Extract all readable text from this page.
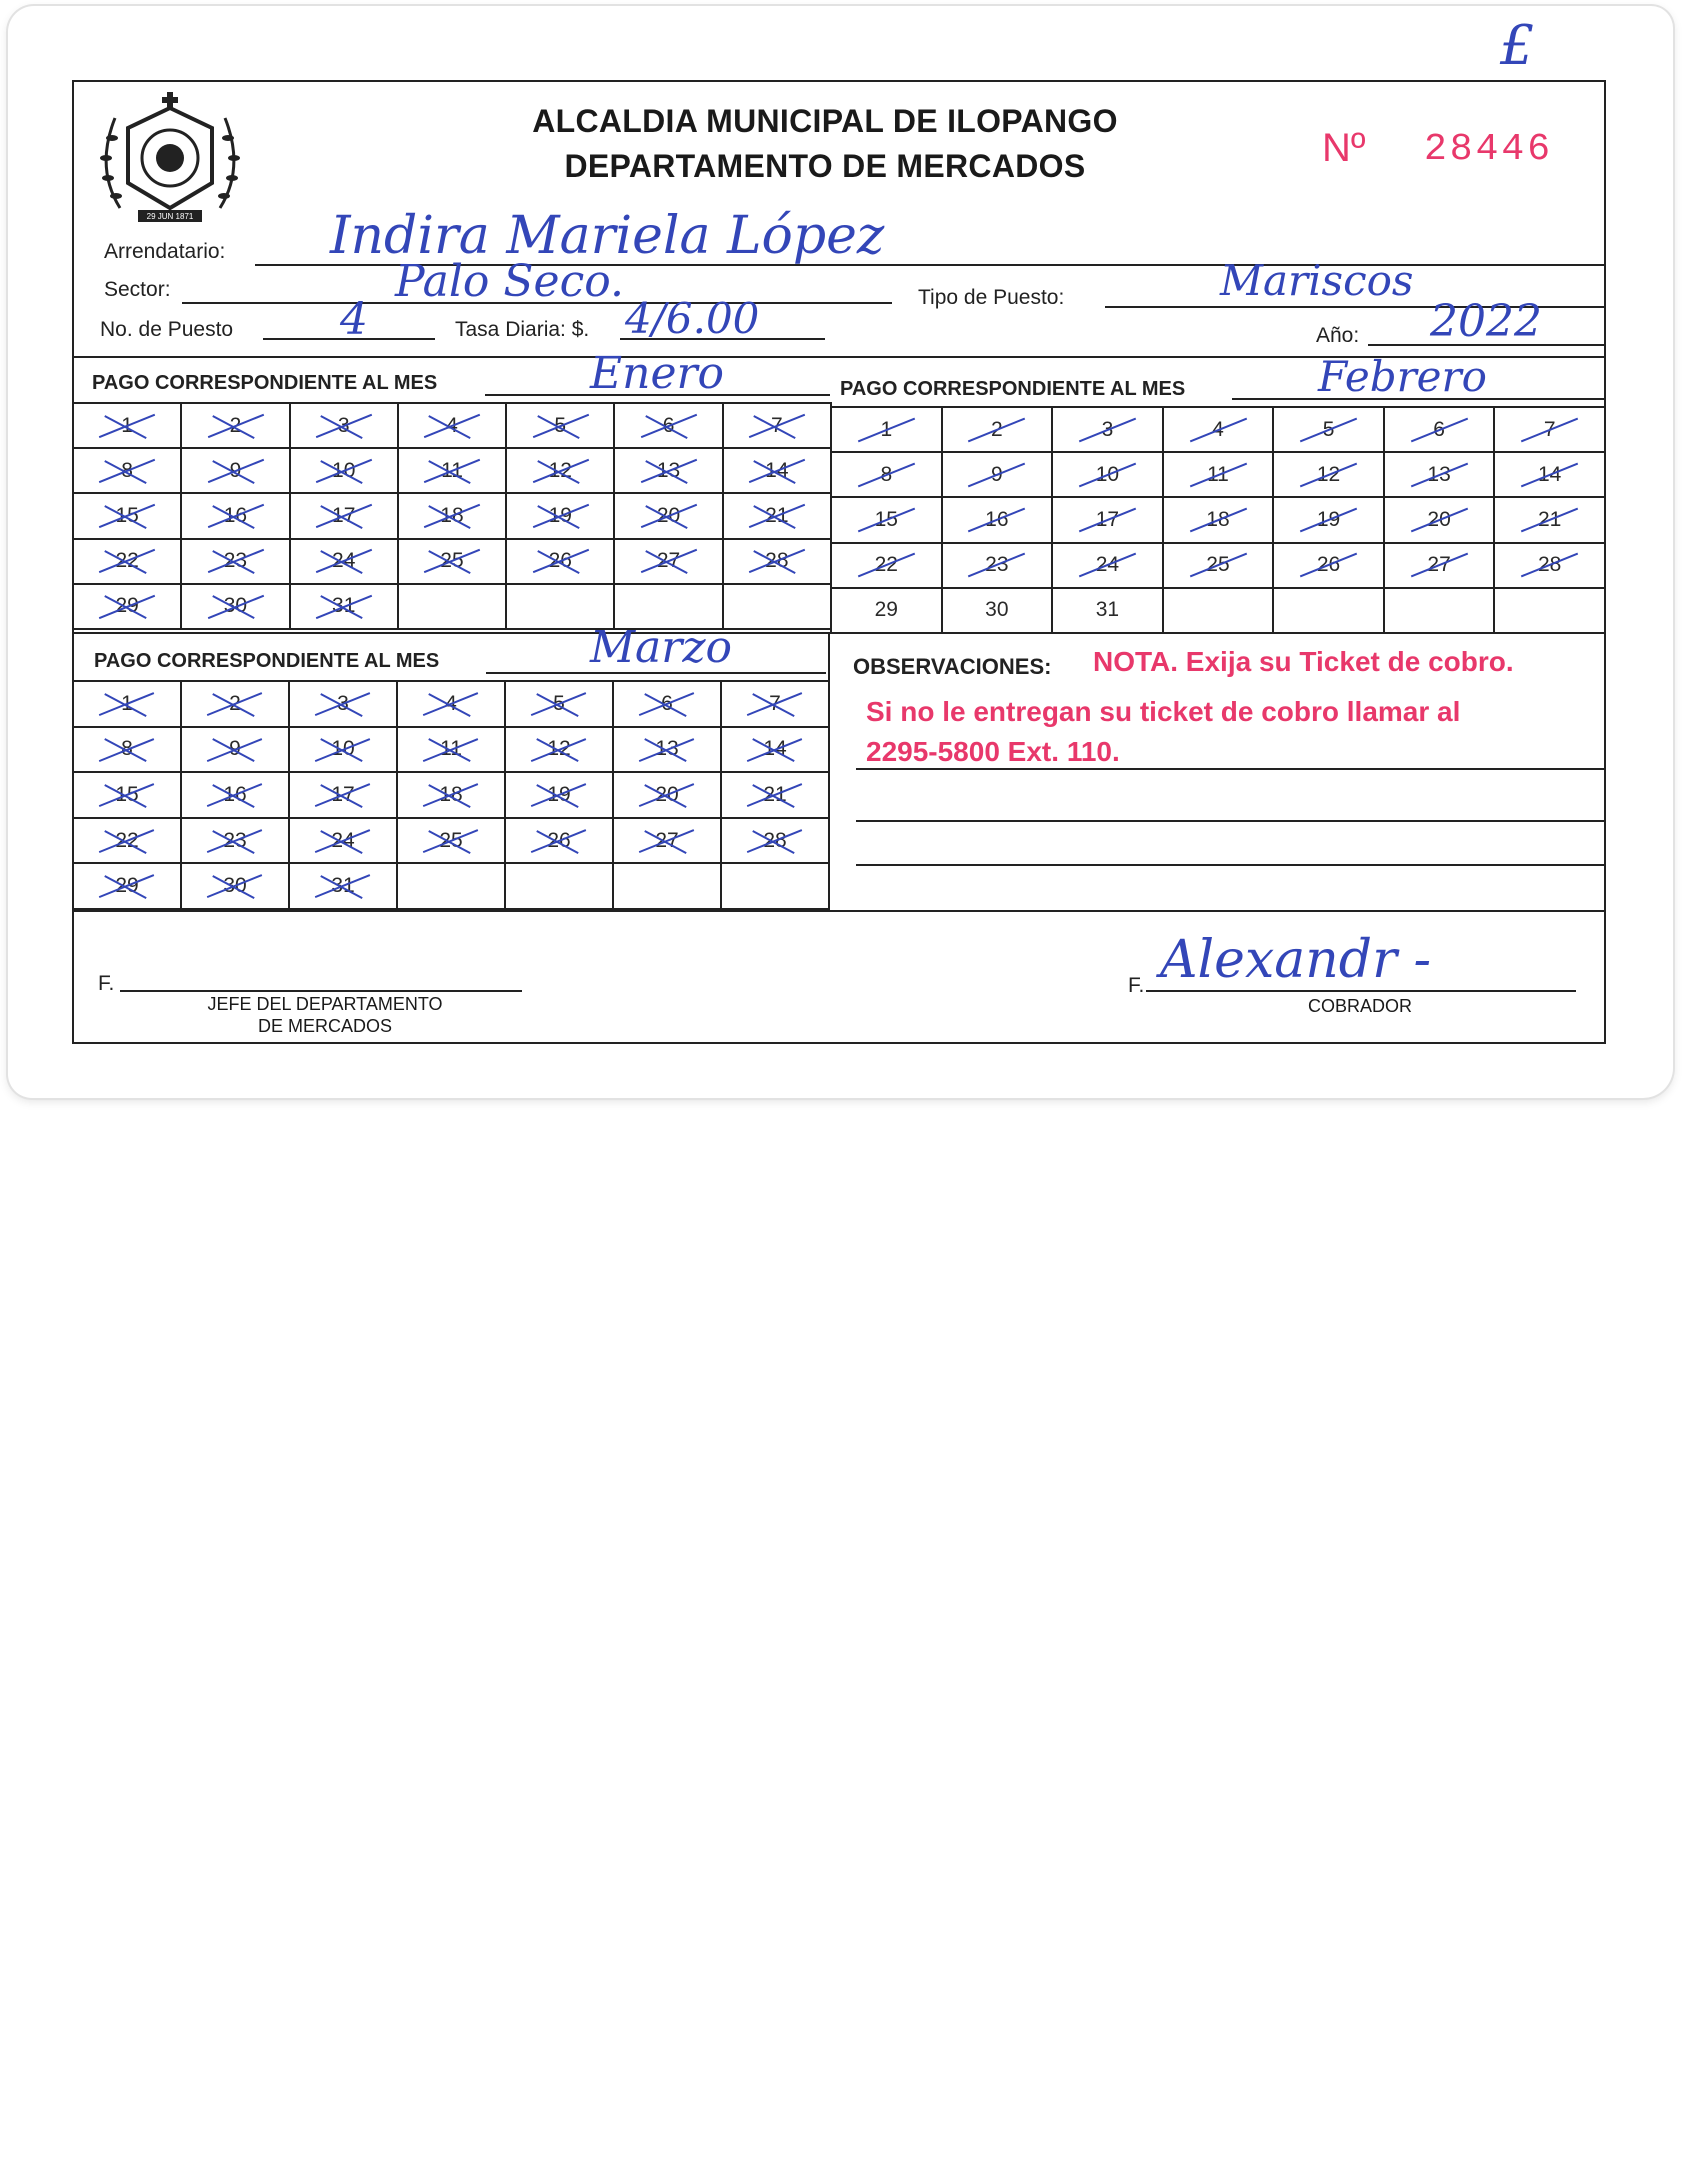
£
29 JUN 1871
ALCALDIA MUNICIPAL DE ILOPANGO
DEPARTAMENTO DE MERCADOS	Nº 28446
Arrendatario: Indira Mariela López
Sector:	Palo Seco.	Tipo de Puesto:	Mariscos
No. de Puesto 4	Tasa Diaria: $. 4/6.00	Año: 2022
PAGO CORRESPONDIENTE AL MES	Enero	PAGO CORRESPONDIENTE AL MES	Febrero
1	2	3	4	5	6	7
8	9	10	11	12	13	14
15	16	17	18	19	20	21
22	23	24	25	26	27	28
29	30	31				
1	2	3	4	5	6	7
8	9	10	11	12	13	14
15	16	17	18	19	20	21
22	23	24	25	26	27	28
29	30	31				
PAGO CORRESPONDIENTE AL MES	Marzo
1	2	3	4	5	6	7
8	9	10	11	12	13	14
15	16	17	18	19	20	21
22	23	24	25	26	27	28
29	30	31				
OBSERVACIONES: NOTA. Exija su Ticket de cobro.
Si no le entregan su ticket de cobro llamar al
2295-5800 Ext. 110.
F.
JEFE DEL DEPARTAMENTO
DE MERCADOS
F. Alexandr -
COBRADOR
